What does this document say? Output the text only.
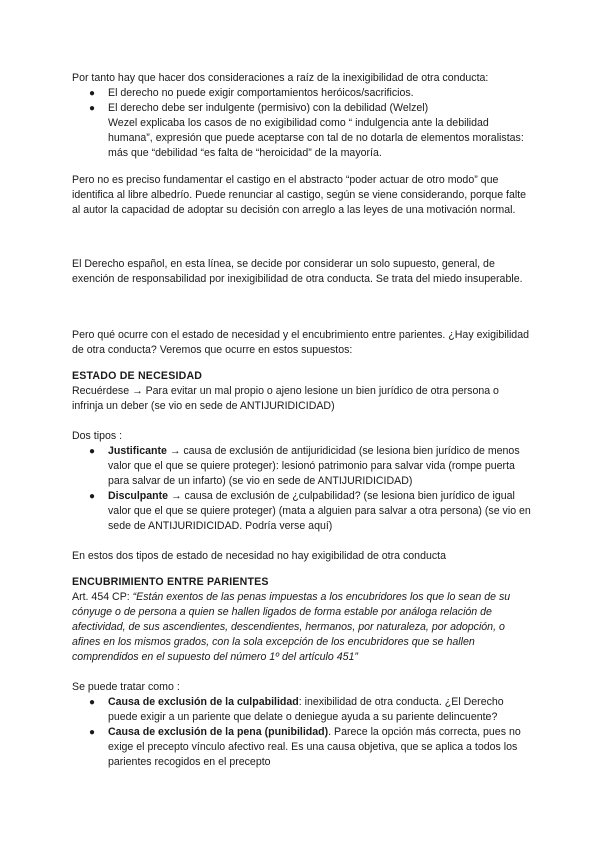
Por tanto hay que hacer dos consideraciones a raíz de la inexigibilidad de otra conducta:

● El derecho no puede exigir comportamientos heróicos/sacrificios.
● El derecho debe ser indulgente (permisivo) con la debilidad (Welzel)

Wezel explicaba los casos de no exigibilidad como “ indulgencia ante la debilidad humana”, expresión que puede aceptarse con tal de no dotarla de elementos moralistas: más que “debilidad “es falta de “heroicidad” de la mayoría.

Pero no es preciso fundamentar el castigo en el abstracto “poder actuar de otro modo” que identifica al libre albedrío. Puede renunciar al castigo, según se viene considerando, porque falte al autor la capacidad de adoptar su decisión con arreglo a las leyes de una motivación normal.

El Derecho español, en esta línea, se decide por considerar un solo supuesto, general, de exención de responsabilidad por inexigibilidad de otra conducta. Se trata del miedo insuperable.

Pero qué ocurre con el estado de necesidad y el encubrimiento entre parientes. ¿Hay exigibilidad de otra conducta? Veremos que ocurre en estos supuestos:

ESTADO DE NECESIDAD

Recuérdese → Para evitar un mal propio o ajeno lesione un bien jurídico de otra persona o infrinja un deber (se vio en sede de ANTIJURIDICIDAD)

Dos tipos :

● Justificante → causa de exclusión de antijuridicidad (se lesiona bien jurídico de menos valor que el que se quiere proteger): lesionó patrimonio para salvar vida (rompe puerta para salvar de un infarto) (se vio en sede de ANTIJURIDICIDAD)
● Disculpante → causa de exclusión de ¿culpabilidad? (se lesiona bien jurídico de igual valor que el que se quiere proteger) (mata a alguien para salvar a otra persona) (se vio en sede de ANTIJURIDICIDAD. Podría verse aquí)

En estos dos tipos de estado de necesidad no hay exigibilidad de otra conducta

ENCUBRIMIENTO ENTRE PARIENTES

Art. 454 CP: “Están exentos de las penas impuestas a los encubridores los que lo sean de su cónyuge o de persona a quien se hallen ligados de forma estable por análoga relación de afectividad, de sus ascendientes, descendientes, hermanos, por naturaleza, por adopción, o afines en los mismos grados, con la sola excepción de los encubridores que se hallen comprendidos en el supuesto del número 1º del artículo 451”

Se puede tratar como :

● Causa de exclusión de la culpabilidad: inexibilidad de otra conducta. ¿El Derecho puede exigir a un pariente que delate o deniegue ayuda a su pariente delincuente?
● Causa de exclusión de la pena (punibilidad). Parece la opción más correcta, pues no exige el precepto vínculo afectivo real. Es una causa objetiva, que se aplica a todos los parientes recogidos en el precepto
